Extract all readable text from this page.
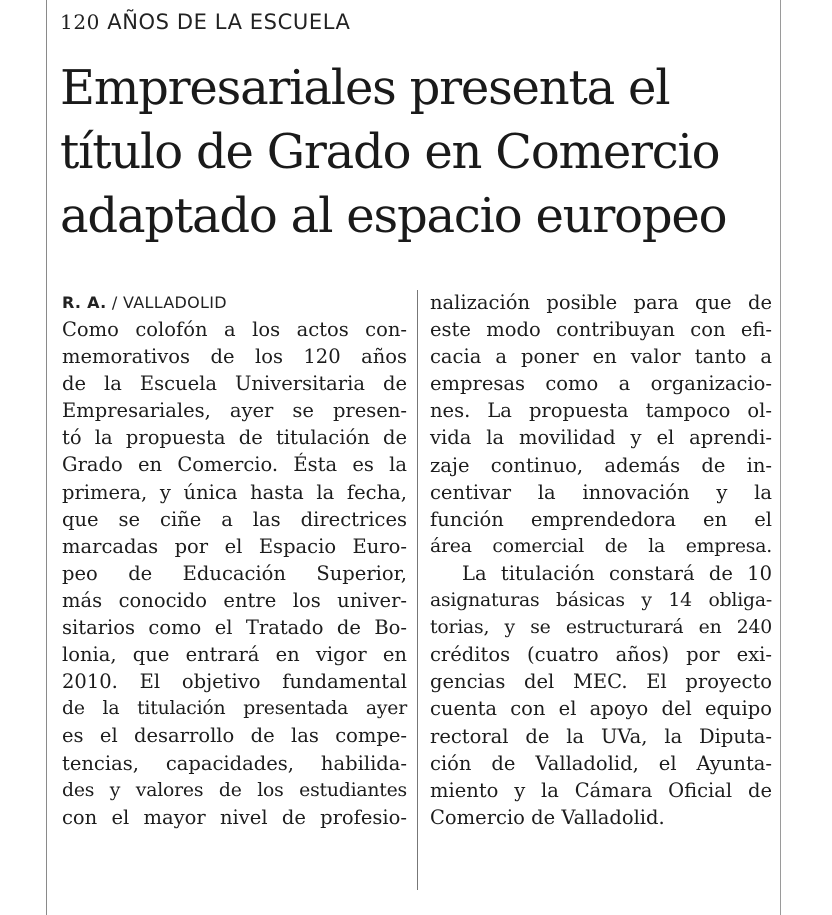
120 AÑOS DE LA ESCUELA
Empresariales presenta el
título de Grado en Comercio
adaptado al espacio europeo
R. A. / VALLADOLID
Como colofón a los actos con-
memorativos de los 120 años
de la Escuela Universitaria de
Empresariales, ayer se presen-
tó la propuesta de titulación de
Grado en Comercio. Ésta es la
primera, y única hasta la fecha,
que se ciñe a las directrices
marcadas por el Espacio Euro-
peo de Educación Superior,
más conocido entre los univer-
sitarios como el Tratado de Bo-
lonia, que entrará en vigor en
2010. El objetivo fundamental
de la titulación presentada ayer
es el desarrollo de las compe-
tencias, capacidades, habilida-
des y valores de los estudiantes
con el mayor nivel de profesio-
nalización posible para que de
este modo contribuyan con efi-
cacia a poner en valor tanto a
empresas como a organizacio-
nes. La propuesta tampoco ol-
vida la movilidad y el aprendi-
zaje continuo, además de in-
centivar la innovación y la
función emprendedora en el
área comercial de la empresa.
La titulación constará de 10
asignaturas básicas y 14 obliga-
torias, y se estructurará en 240
créditos (cuatro años) por exi-
gencias del MEC. El proyecto
cuenta con el apoyo del equipo
rectoral de la UVa, la Diputa-
ción de Valladolid, el Ayunta-
miento y la Cámara Oficial de
Comercio de Valladolid.
